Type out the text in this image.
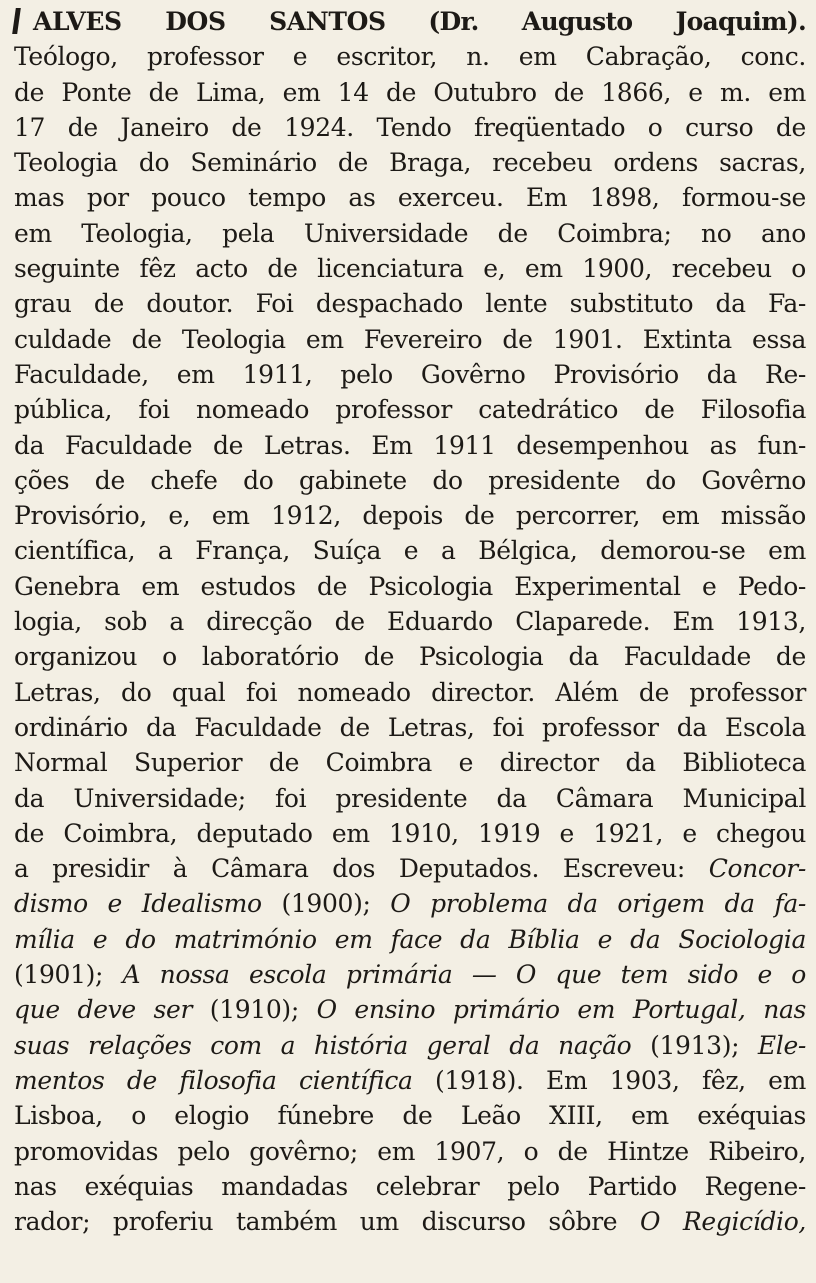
ALVES DOS SANTOS (Dr. Augusto Joaquim).
Teólogo, professor e escritor, n. em Cabração, conc.
de Ponte de Lima, em 14 de Outubro de 1866, e m. em
17 de Janeiro de 1924. Tendo freqüentado o curso de
Teologia do Seminário de Braga, recebeu ordens sacras,
mas por pouco tempo as exerceu. Em 1898, formou-se
em Teologia, pela Universidade de Coimbra; no ano
seguinte fêz acto de licenciatura e, em 1900, recebeu o
grau de doutor. Foi despachado lente substituto da Fa-
culdade de Teologia em Fevereiro de 1901. Extinta essa
Faculdade, em 1911, pelo Govêrno Provisório da Re-
pública, foi nomeado professor catedrático de Filosofia
da Faculdade de Letras. Em 1911 desempenhou as fun-
ções de chefe do gabinete do presidente do Govêrno
Provisório, e, em 1912, depois de percorrer, em missão
científica, a França, Suíça e a Bélgica, demorou-se em
Genebra em estudos de Psicologia Experimental e Pedo-
logia, sob a direcção de Eduardo Claparede. Em 1913,
organizou o laboratório de Psicologia da Faculdade de
Letras, do qual foi nomeado director. Além de professor
ordinário da Faculdade de Letras, foi professor da Escola
Normal Superior de Coimbra e director da Biblioteca
da Universidade; foi presidente da Câmara Municipal
de Coimbra, deputado em 1910, 1919 e 1921, e chegou
a presidir à Câmara dos Deputados. Escreveu: Concor-
dismo e Idealismo (1900); O problema da origem da fa-
mília e do matrimónio em face da Bíblia e da Sociologia
(1901); A nossa escola primária — O que tem sido e o
que deve ser (1910); O ensino primário em Portugal, nas
suas relações com a história geral da nação (1913); Ele-
mentos de filosofia científica (1918). Em 1903, fêz, em
Lisboa, o elogio fúnebre de Leão XIII, em exéquias
promovidas pelo govêrno; em 1907, o de Hintze Ribeiro,
nas exéquias mandadas celebrar pelo Partido Regene-
rador; proferiu também um discurso sôbre O Regicídio,
